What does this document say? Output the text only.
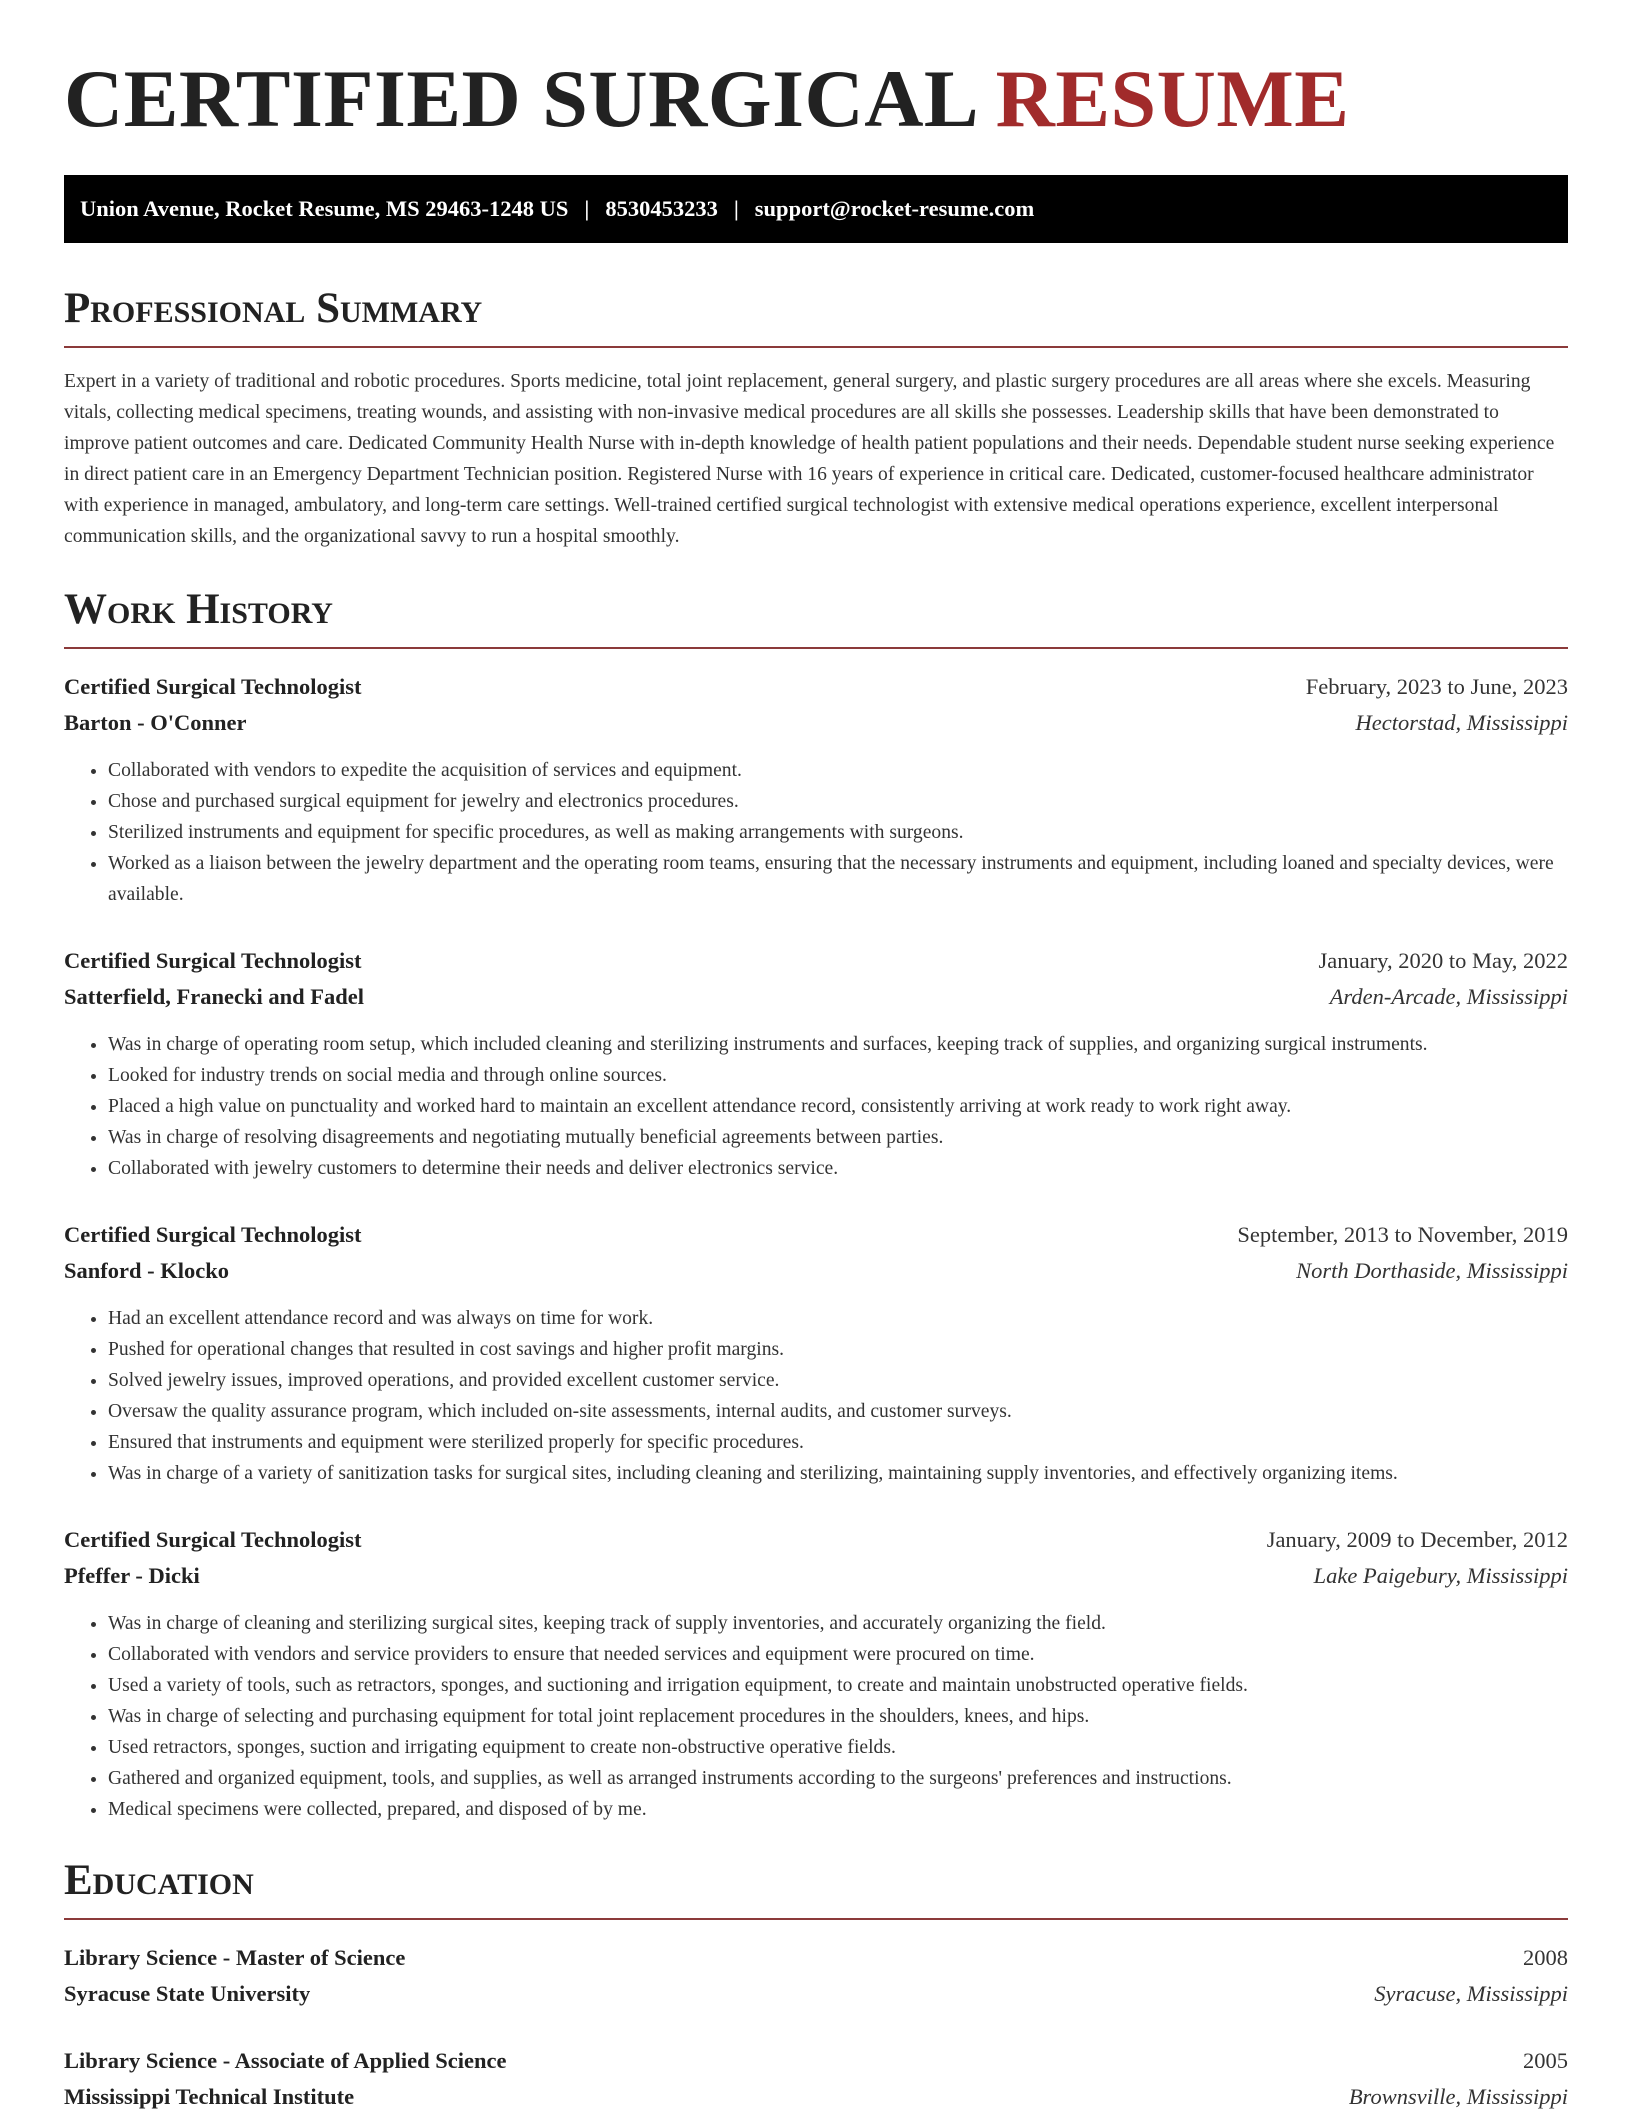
CERTIFIED SURGICAL RESUME
Union Avenue, Rocket Resume, MS 29463-1248 US | 8530453233 | support@rocket-resume.com
Professional Summary

Expert in a variety of traditional and robotic procedures. Sports medicine, total joint replacement, general surgery, and plastic surgery procedures are all areas where she excels. Measuring vitals, collecting medical specimens, treating wounds, and assisting with non-invasive medical procedures are all skills she possesses. Leadership skills that have been demonstrated to improve patient outcomes and care. Dedicated Community Health Nurse with in-depth knowledge of health patient populations and their needs. Dependable student nurse seeking experience in direct patient care in an Emergency Department Technician position. Registered Nurse with 16 years of experience in critical care. Dedicated, customer-focused healthcare administrator with experience in managed, ambulatory, and long-term care settings. Well-trained certified surgical technologist with extensive medical operations experience, excellent interpersonal communication skills, and the organizational savvy to run a hospital smoothly.

Work History
Certified Surgical Technologist	February, 2023 to June, 2023
Barton - O'Conner	Hectorstad, Mississippi
• Collaborated with vendors to expedite the acquisition of services and equipment.
• Chose and purchased surgical equipment for jewelry and electronics procedures.
• Sterilized instruments and equipment for specific procedures, as well as making arrangements with surgeons.
• Worked as a liaison between the jewelry department and the operating room teams, ensuring that the necessary instruments and equipment, including loaned and specialty devices, were available.
Certified Surgical Technologist	January, 2020 to May, 2022
Satterfield, Franecki and Fadel	Arden-Arcade, Mississippi
• Was in charge of operating room setup, which included cleaning and sterilizing instruments and surfaces, keeping track of supplies, and organizing surgical instruments.
• Looked for industry trends on social media and through online sources.
• Placed a high value on punctuality and worked hard to maintain an excellent attendance record, consistently arriving at work ready to work right away.
• Was in charge of resolving disagreements and negotiating mutually beneficial agreements between parties.
• Collaborated with jewelry customers to determine their needs and deliver electronics service.
Certified Surgical Technologist	September, 2013 to November, 2019
Sanford - Klocko	North Dorthaside, Mississippi
• Had an excellent attendance record and was always on time for work.
• Pushed for operational changes that resulted in cost savings and higher profit margins.
• Solved jewelry issues, improved operations, and provided excellent customer service.
• Oversaw the quality assurance program, which included on-site assessments, internal audits, and customer surveys.
• Ensured that instruments and equipment were sterilized properly for specific procedures.
• Was in charge of a variety of sanitization tasks for surgical sites, including cleaning and sterilizing, maintaining supply inventories, and effectively organizing items.
Certified Surgical Technologist	January, 2009 to December, 2012
Pfeffer - Dicki	Lake Paigebury, Mississippi
• Was in charge of cleaning and sterilizing surgical sites, keeping track of supply inventories, and accurately organizing the field.
• Collaborated with vendors and service providers to ensure that needed services and equipment were procured on time.
• Used a variety of tools, such as retractors, sponges, and suctioning and irrigation equipment, to create and maintain unobstructed operative fields.
• Was in charge of selecting and purchasing equipment for total joint replacement procedures in the shoulders, knees, and hips.
• Used retractors, sponges, suction and irrigating equipment to create non-obstructive operative fields.
• Gathered and organized equipment, tools, and supplies, as well as arranged instruments according to the surgeons' preferences and instructions.
• Medical specimens were collected, prepared, and disposed of by me.
Education
Library Science - Master of Science	2008
Syracuse State University	Syracuse, Mississippi
Library Science - Associate of Applied Science	2005
Mississippi Technical Institute	Brownsville, Mississippi
